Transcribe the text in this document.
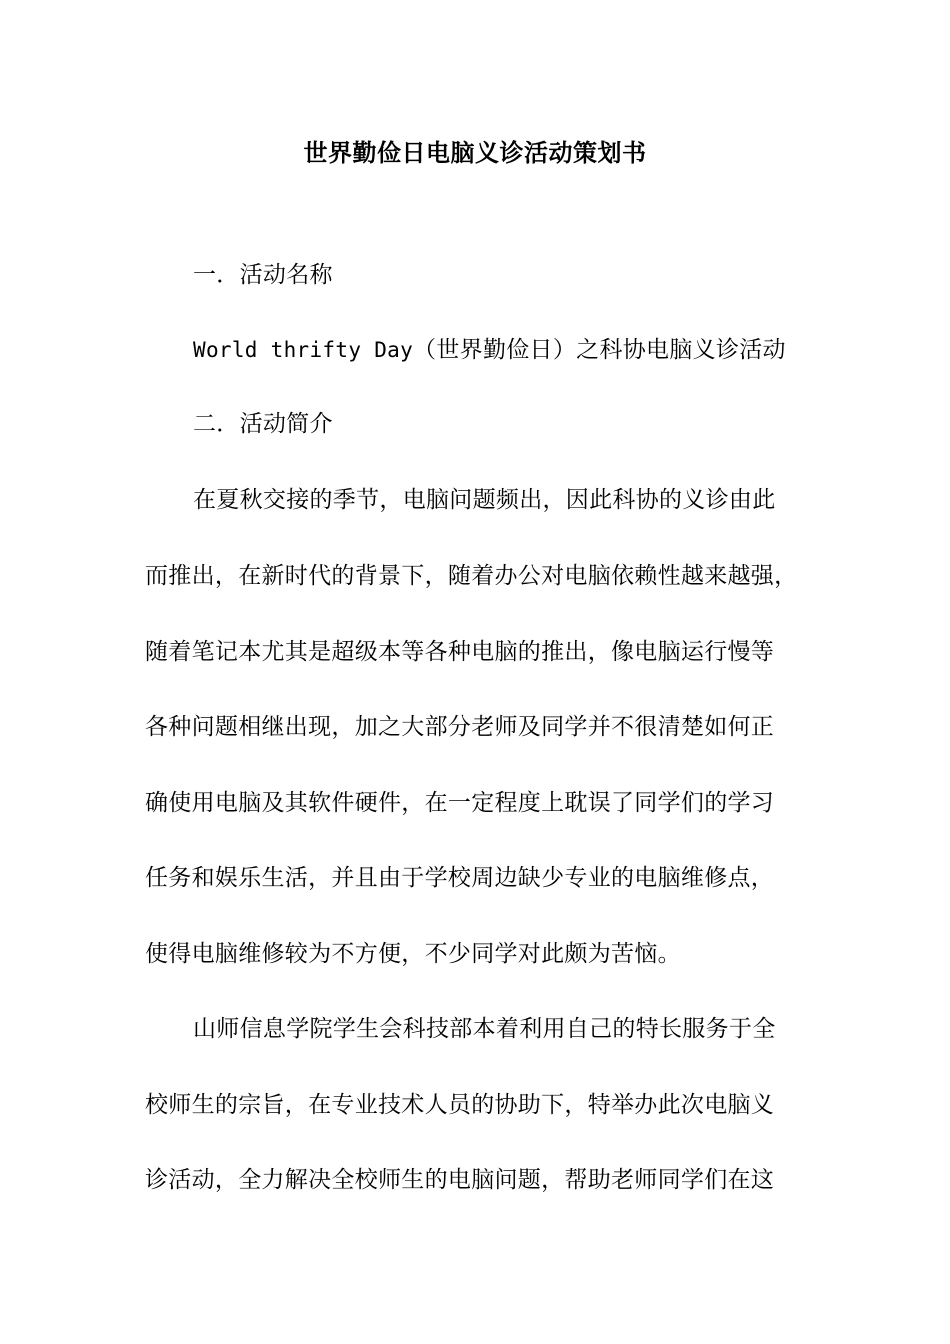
世界勤俭日电脑义诊活动策划书
一．活动名称
World thrifty Day（世界勤俭日）之科协电脑义诊活动
二．活动简介
在夏秋交接的季节，电脑问题频出，因此科协的义诊由此
而推出，在新时代的背景下，随着办公对电脑依赖性越来越强，
随着笔记本尤其是超级本等各种电脑的推出，像电脑运行慢等
各种问题相继出现，加之大部分老师及同学并不很清楚如何正
确使用电脑及其软件硬件，在一定程度上耽误了同学们的学习
任务和娱乐生活，并且由于学校周边缺少专业的电脑维修点，
使得电脑维修较为不方便，不少同学对此颇为苦恼。
山师信息学院学生会科技部本着利用自己的特长服务于全
校师生的宗旨，在专业技术人员的协助下，特举办此次电脑义
诊活动，全力解决全校师生的电脑问题，帮助老师同学们在这
